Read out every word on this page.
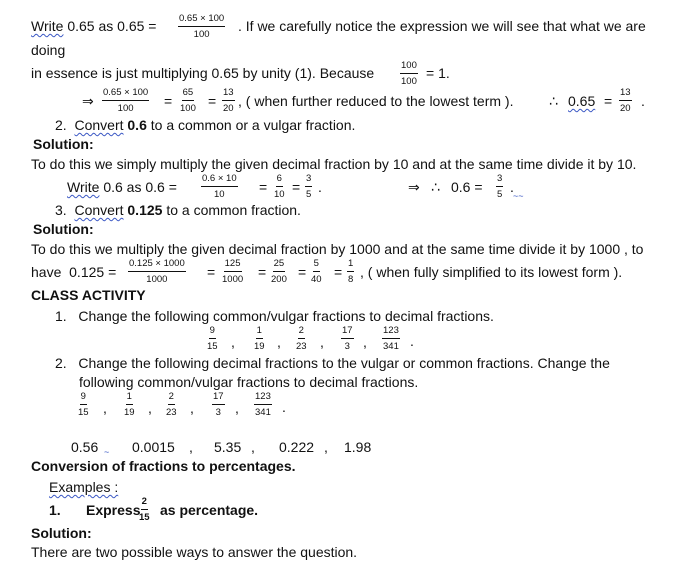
Write 0.65 as $0.65 = \frac{0.65 \times 100}{100}$ . If we carefully notice the expression we will see that what we are
doing
in essence is just multiplying 0.65 by unity (1). Because	$\frac{100}{100} = 1$.
⇒ $\frac{0.65 \times 100}{100} = \frac{65}{100} = \frac{13}{20}$ , ( when further reduced to the lowest term ).	∴ $0.65 = \frac{13}{20}$ .
2. Convert 0.6 to a common or a vulgar fraction.
Solution:
To do this we simply multiply the given decimal fraction by 10 and at the same time divide it by 10.
Write 0.6 as 0.6 =	$\frac{0.6 \times 10}{10} = \frac{6}{10} = \frac{3}{5}$ .	⇒ ∴ $0.6 = \frac{3}{5}$ .
~~
3. Convert 0.125 to a common fraction.
Solution:
To do this we multiply the given decimal fraction by 1000 and at the same time divide it by 1000 , to
have $0.125 = \frac{0.125 \times 1000}{1000} = \frac{125}{1000} = \frac{25}{200} = \frac{5}{40} = \frac{1}{8}$ , ( when fully simplified to its lowest form ).
CLASS ACTIVITY
1. Change the following common/vulgar fractions to decimal fractions.
$\frac{9}{15}$ , $\frac{1}{19}$ , $\frac{2}{23}$ , $\frac{17}{3}$ , $\frac{123}{341}$ .
2. Change the following decimal fractions to the vulgar or common fractions. Change the
following common/vulgar fractions to decimal fractions.
$\frac{9}{15}$ , $\frac{1}{19}$ , $\frac{2}{23}$ , $\frac{17}{3}$ , $\frac{123}{341}$ .
0.56 ~ 0.0015 , 5.35 , 0.222 , 1.98
Conversion of fractions to percentages.
Examples :
1. Express
$\frac{2}{15}$ as percentage.
Solution:
There are two possible ways to answer the question.
